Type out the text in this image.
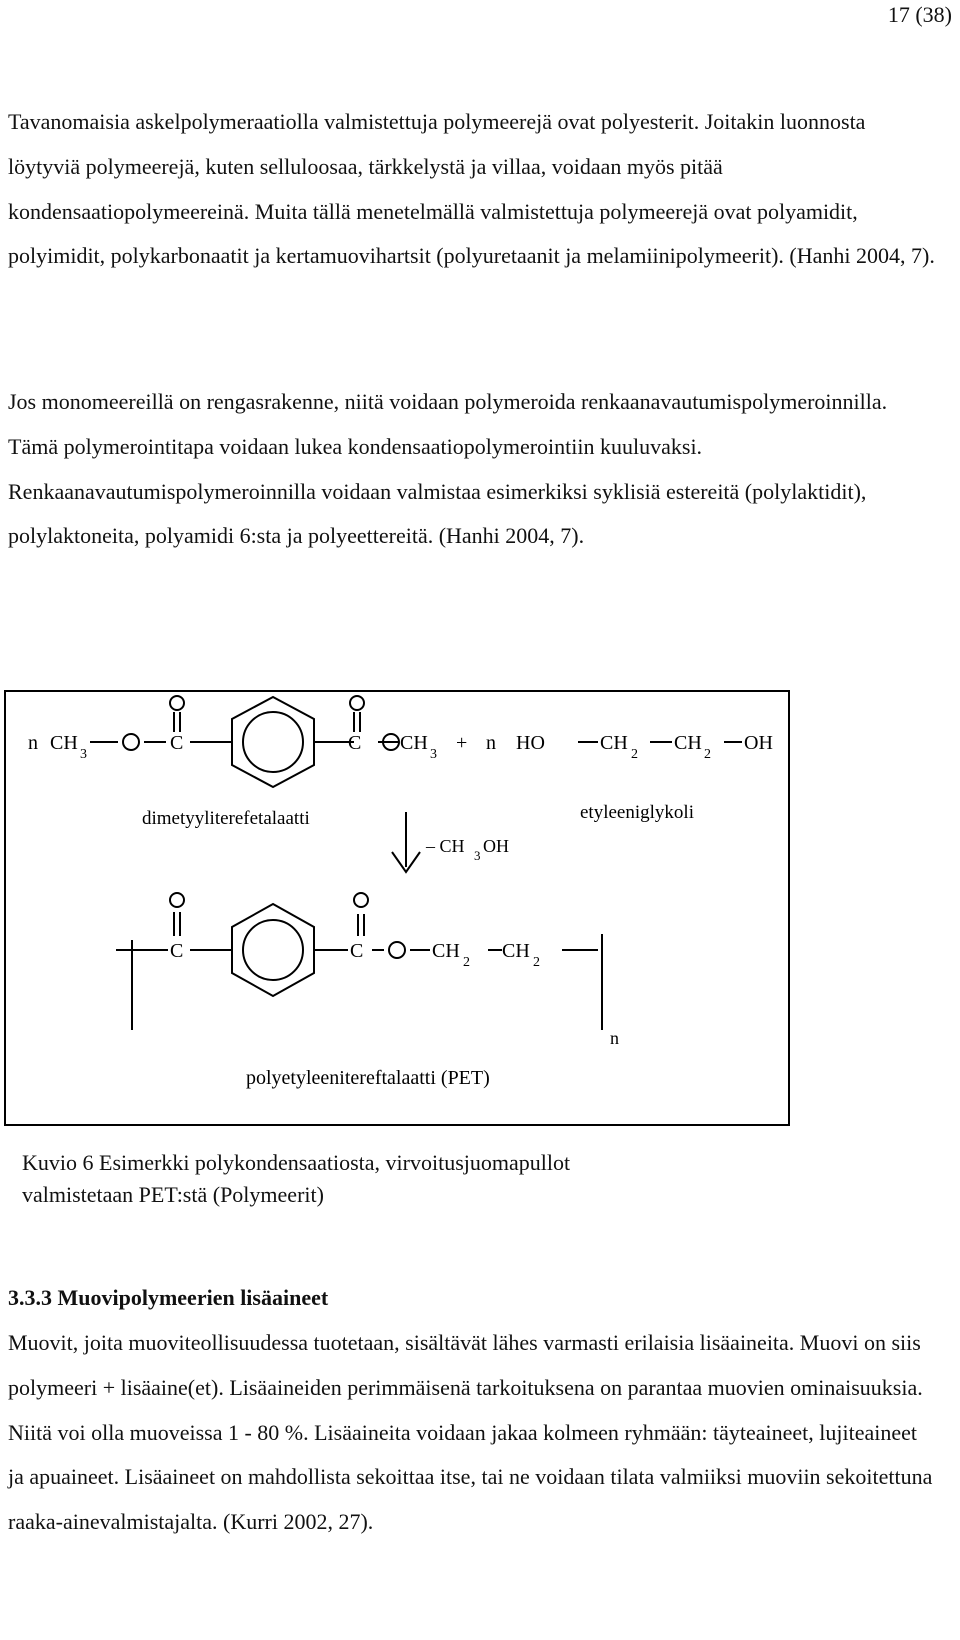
17 (38)

Tavanomaisia askelpolymeraatiolla valmistettuja polymeerejä ovat polyesterit. Joitakin luonnosta löytyviä polymeerejä, kuten selluloosaa, tärkkelystä ja villaa, voidaan myös pitää kondensaatiopolymeereinä. Muita tällä menetelmällä valmistettuja polymeerejä ovat polyamidit, polyimidit, polykarbonaatit ja kertamuovihartsit (polyuretaanit ja melamiinipolymeerit). (Hanhi 2004, 7).

Jos monomeereillä on rengasrakenne, niitä voidaan polymeroida renkaanavautumispolymeroinnilla. Tämä polymerointitapa voidaan lukea kondensaatiopolymerointiin kuuluvaksi. Renkaanavautumispolymeroinnilla voidaan valmistaa esimerkiksi syklisiä estereitä (polylaktidit), polylaktoneita, polyamidi 6:sta ja polyeettereitä. (Hanhi 2004, 7).

n CH
3
C	C CH
3
+ n HO	CH
2
CH
2
OH
dimetyyliterefetalaatti	etyleeniglykoli
– CH 3 OH
C	C	CH
2
CH
2
n
polyetyleenitereftalaatti (PET)

Kuvio 6 Esimerkki polykondensaatiosta, virvoitusjuomapullot
valmistetaan PET:stä (Polymeerit)

3.3.3 Muovipolymeerien lisäaineet

Muovit, joita muoviteollisuudessa tuotetaan, sisältävät lähes varmasti erilaisia lisäaineita. Muovi on siis polymeeri + lisäaine(et). Lisäaineiden perimmäisenä tarkoituksena on parantaa muovien ominaisuuksia. Niitä voi olla muoveissa 1 - 80 %. Lisäaineita voidaan jakaa kolmeen ryhmään: täyteaineet, lujiteaineet ja apuaineet. Lisäaineet on mahdollista sekoittaa itse, tai ne voidaan tilata valmiiksi muoviin sekoitettuna raaka-ainevalmistajalta. (Kurri 2002, 27).
